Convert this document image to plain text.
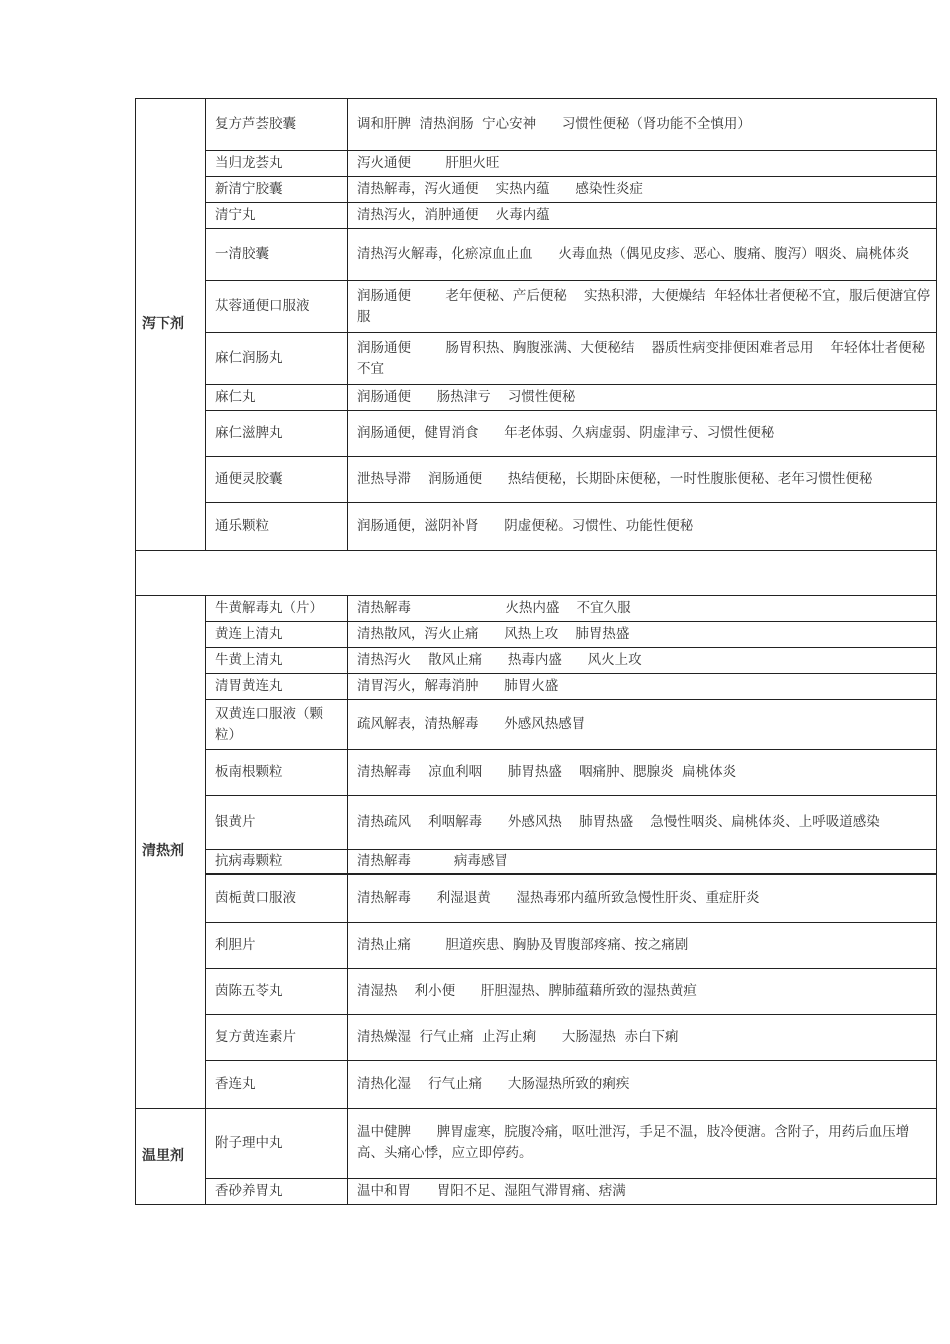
泻下剂	复方芦荟胶囊	调和肝脾  清热润肠  宁心安神      习惯性便秘（肾功能不全慎用）
	当归龙荟丸	泻火通便        肝胆火旺
	新清宁胶囊	清热解毒，泻火通便    实热内蕴      感染性炎症
	清宁丸	清热泻火，消肿通便    火毒内蕴
	一清胶囊	清热泻火解毒，化瘀凉血止血      火毒血热（偶见皮疹、恶心、腹痛、腹泻）咽炎、扁桃体炎
	苁蓉通便口服液	润肠通便        老年便秘、产后便秘    实热积滞，大便燥结  年轻体壮者便秘不宜，服后便溏宜停服
	麻仁润肠丸	润肠通便        肠胃积热、胸腹涨满、大便秘结    器质性病变排便困难者忌用    年轻体壮者便秘不宜
	麻仁丸	润肠通便      肠热津亏    习惯性便秘
	麻仁滋脾丸	润肠通便，健胃消食      年老体弱、久病虚弱、阴虚津亏、习惯性便秘
	通便灵胶囊	泄热导滞    润肠通便      热结便秘，长期卧床便秘，一时性腹胀便秘、老年习惯性便秘
	通乐颗粒	润肠通便，滋阴补肾      阴虚便秘。习惯性、功能性便秘

清热剂	牛黄解毒丸（片）	清热解毒                      火热内盛    不宜久服
	黄连上清丸	清热散风，泻火止痛      风热上攻    肺胃热盛
	牛黄上清丸	清热泻火    散风止痛      热毒内盛      风火上攻
	清胃黄连丸	清胃泻火，解毒消肿      肺胃火盛
	双黄连口服液（颗粒）	疏风解表，清热解毒      外感风热感冒
	板南根颗粒	清热解毒    凉血利咽      肺胃热盛    咽痛肿、腮腺炎  扁桃体炎
	银黄片	清热疏风    利咽解毒      外感风热    肺胃热盛    急慢性咽炎、扁桃体炎、上呼吸道感染
	抗病毒颗粒	清热解毒          病毒感冒
	茵栀黄口服液	清热解毒      利湿退黄      湿热毒邪内蕴所致急慢性肝炎、重症肝炎
	利胆片	清热止痛        胆道疾患、胸胁及胃腹部疼痛、按之痛剧
	茵陈五苓丸	清湿热    利小便      肝胆湿热、脾肺蕴藉所致的湿热黄疸
	复方黄连素片	清热燥湿  行气止痛  止泻止痢      大肠湿热  赤白下痢
	香连丸	清热化湿    行气止痛      大肠湿热所致的痢疾
温里剂	附子理中丸	温中健脾      脾胃虚寒，脘腹冷痛，呕吐泄泻，手足不温，肢冷便溏。含附子，用药后血压增高、头痛心悸，应立即停药。
	香砂养胃丸	温中和胃      胃阳不足、湿阻气滞胃痛、痞满
